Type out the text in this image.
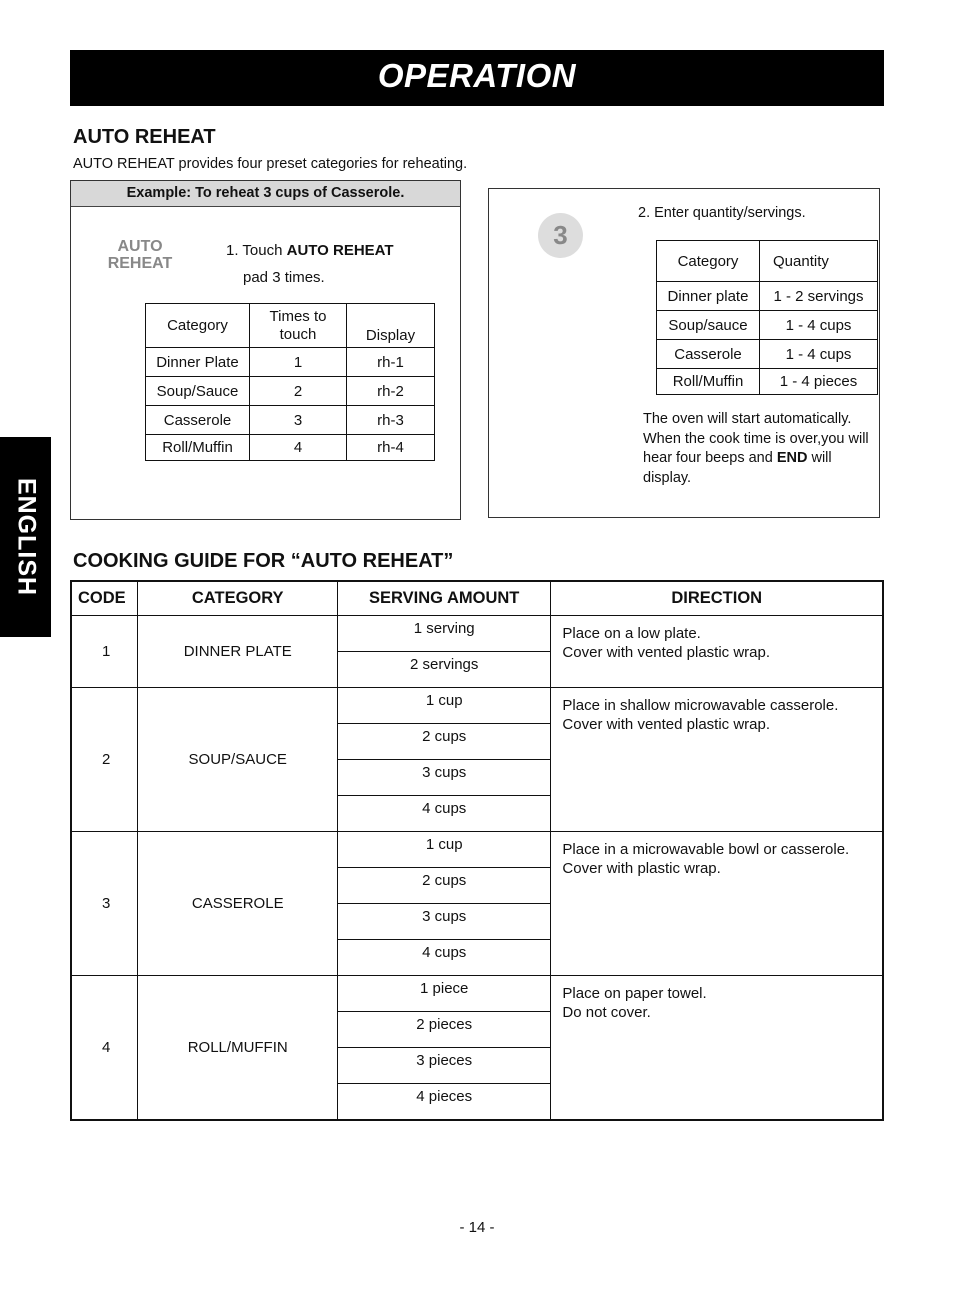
OPERATION
ENGLISH
AUTO REHEAT
AUTO REHEAT provides four preset categories for reheating.
Example: To reheat 3 cups of Casserole.
AUTO
REHEAT
1. Touch AUTO REHEAT
pad 3 times.
Category	Times to touch	Display
Dinner Plate	1	rh-1
Soup/Sauce	2	rh-2
Casserole	3	rh-3
Roll/Muffin	4	rh-4
3
2. Enter quantity/servings.
Category	Quantity
Dinner plate	1 - 2 servings
Soup/sauce	1 - 4 cups
Casserole	1 - 4 cups
Roll/Muffin	1 - 4 pieces
The oven will start automatically. When the cook time is over,you will hear four beeps and END will display.
COOKING GUIDE FOR “AUTO REHEAT”
CODE	CATEGORY	SERVING AMOUNT	DIRECTION
1	DINNER PLATE	1 serving	Place on a low plate.
Cover with vented plastic wrap.

		2 servings	
2	SOUP/SAUCE	1 cup	Place in shallow microwavable casserole.
Cover with vented plastic wrap.

		2 cups	
		3 cups	
		4 cups	
3	CASSEROLE	1 cup	Place in a microwavable bowl or casserole.
Cover with plastic wrap.

		2 cups	
		3 cups	
		4 cups	
4	ROLL/MUFFIN	1 piece	Place on paper towel.
Do not cover.

		2 pieces	
		3 pieces	
		4 pieces	
- 14 -
